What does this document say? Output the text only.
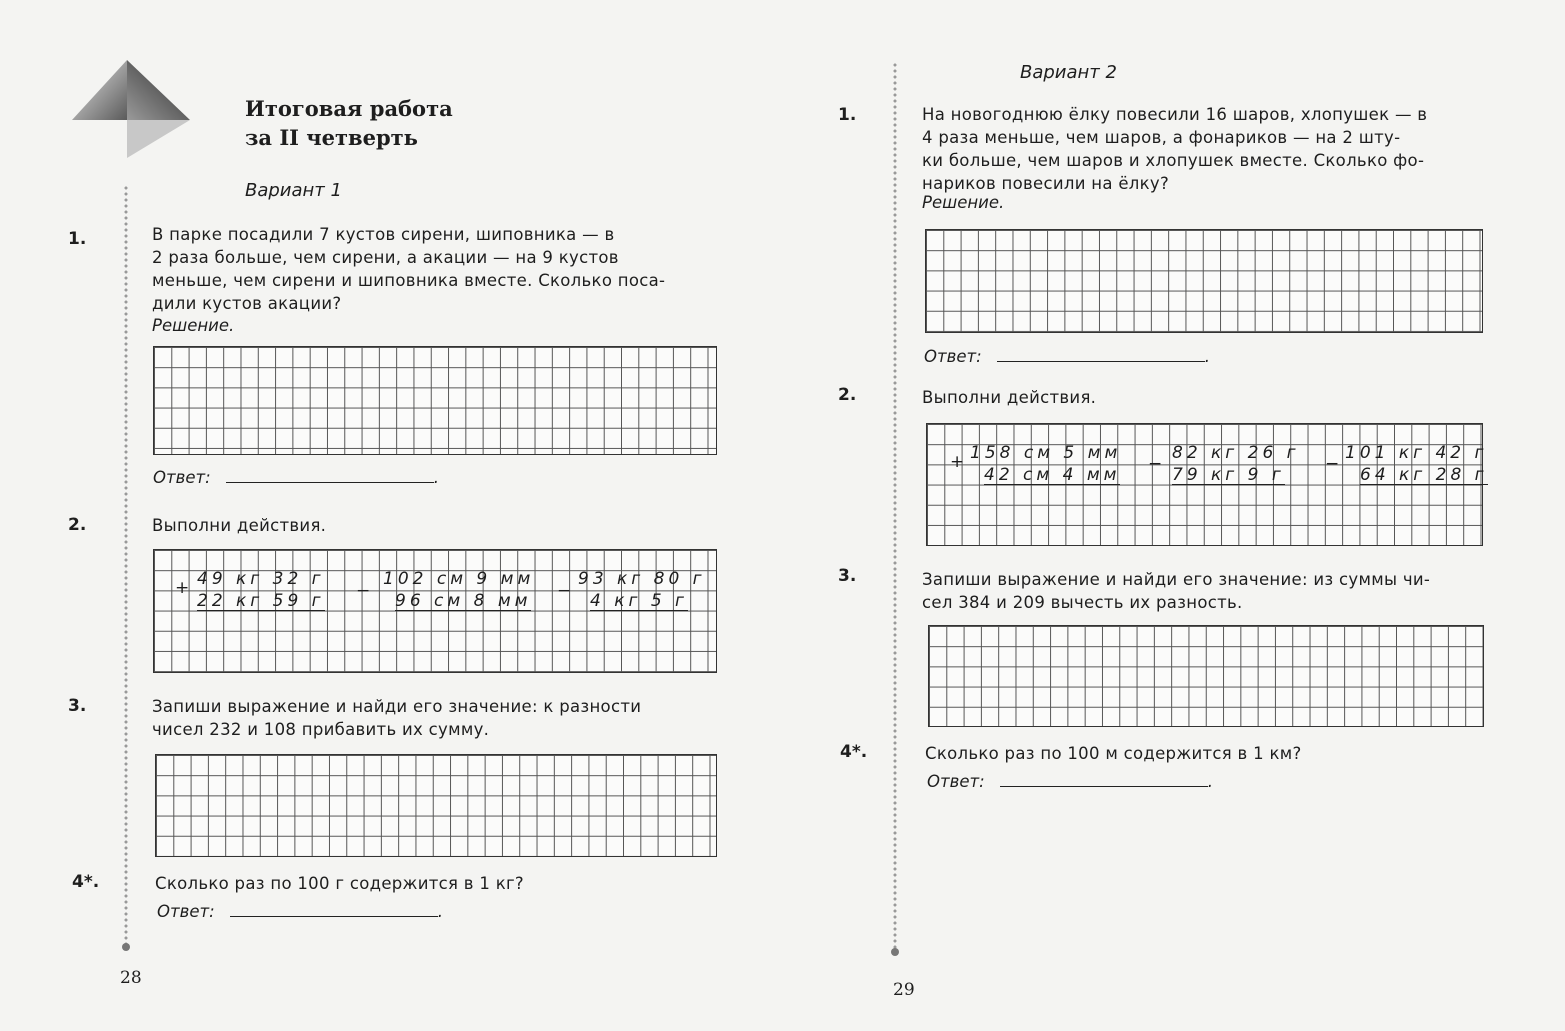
Итоговая работа
за II четверть
Вариант 1
1.	В парке посадили 7 кустов сирени, шиповника — в
2 раза больше, чем сирени, а акации — на 9 кустов
меньше, чем сирени и шиповника вместе. Сколько поса-
дили кустов акации?
Решение.
Ответ:	.
2.	Выполни действия.
+ 49 кг 32 г
22 кг 59 г −
102 см 9 мм
96 см 8 мм −
93 кг 80 г
4 кг 5 г
3.	Запиши выражение и найди его значение: к разности
чисел 232 и 108 прибавить их сумму.
4*.	Сколько раз по 100 г содержится в 1 кг?
Ответ:	.
28
Вариант 2
1.	На новогоднюю ёлку повесили 16 шаров, хлопушек — в
4 раза меньше, чем шаров, а фонариков — на 2 шту-
ки больше, чем шаров и хлопушек вместе. Сколько фо-
нариков повесили на ёлку?
Решение.
Ответ:	.
2.	Выполни действия.
+ 158 см 5 мм
42 см 4 мм
−
82 кг 26 г
79 кг 9 г
−
101 кг 42 г
64 кг 28 г
3.	Запиши выражение и найди его значение: из суммы чи-
сел 384 и 209 вычесть их разность.
4*.	Сколько раз по 100 м содержится в 1 км?
Ответ:	.
29
